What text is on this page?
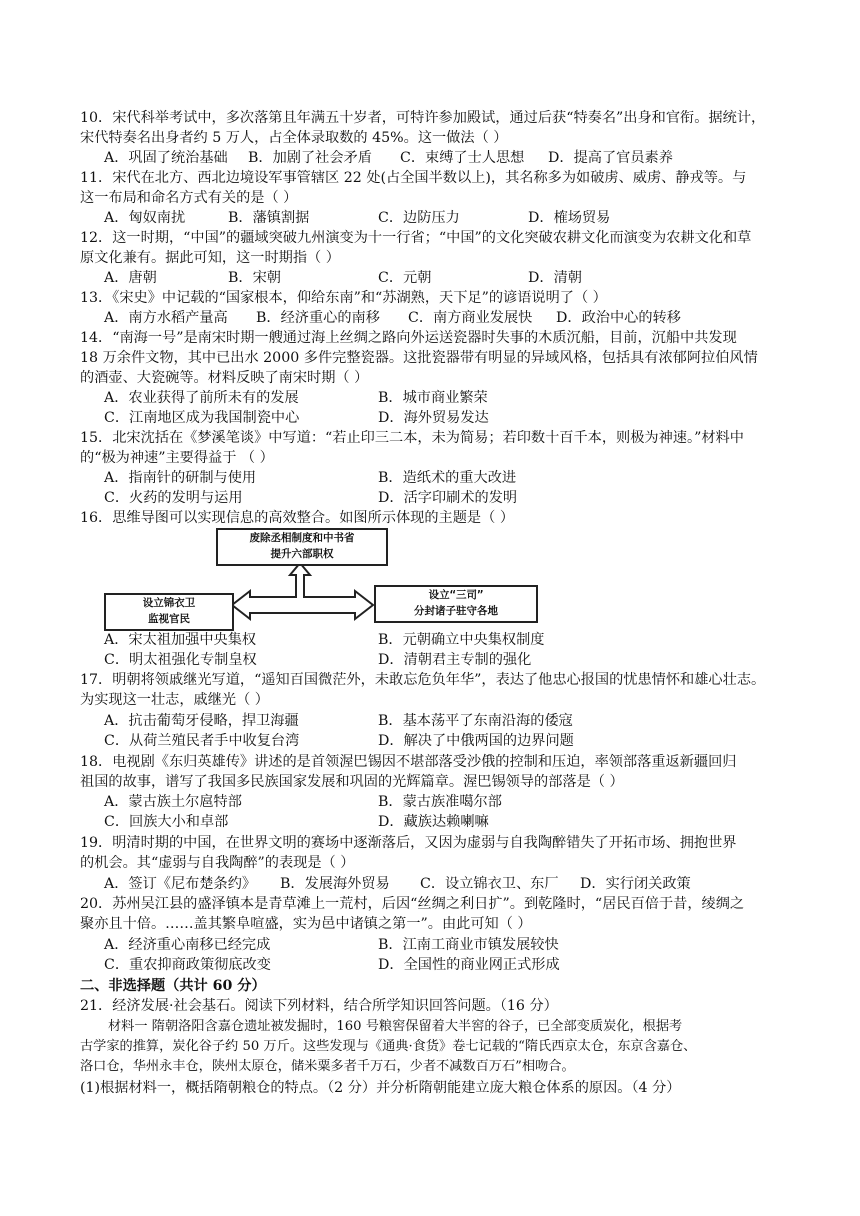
10．宋代科举考试中，多次落第且年满五十岁者，可特许参加殿试，通过后获“特奏名”出身和官衔。据统计，
宋代特奏名出身者约 5 万人，占全体录取数的 45%。这一做法（ ）
A．巩固了统治基础 B．加剧了社会矛盾 C．束缚了士人思想 D．提高了官员素养
11．宋代在北方、西北边境设军事管辖区 22 处(占全国半数以上)，其名称多为如破虏、威虏、静戎等。与
这一布局和命名方式有关的是（ ）
A．匈奴南扰	B．藩镇割据	C．边防压力	D．榷场贸易
12．这一时期，“中国”的疆域突破九州演变为十一行省；“中国”的文化突破农耕文化而演变为农耕文化和草
原文化兼有。据此可知，这一时期指（ ）
A．唐朝	B．宋朝	C．元朝	D．清朝
13．《宋史》中记载的“国家根本，仰给东南”和“苏湖熟，天下足”的谚语说明了（ ）
A．南方水稻产量高 B．经济重心的南移 C．南方商业发展快 D．政治中心的转移
14．“南海一号”是南宋时期一艘通过海上丝绸之路向外运送瓷器时失事的木质沉船，目前，沉船中共发现
18 万余件文物，其中已出水 2000 多件完整瓷器。这批瓷器带有明显的异域风格，包括具有浓郁阿拉伯风情
的酒壶、大瓷碗等。材料反映了南宋时期（ ）
A．农业获得了前所未有的发展	B．城市商业繁荣
C．江南地区成为我国制瓷中心	D．海外贸易发达
15．北宋沈括在《梦溪笔谈》中写道：“若止印三二本，未为简易；若印数十百千本，则极为神速。”材料中
的“极为神速”主要得益于 （ ）
A．指南针的研制与使用	B．造纸术的重大改进
C．火药的发明与运用	D．活字印刷术的发明
16．思维导图可以实现信息的高效整合。如图所示体现的主题是（ ）
废除丞相制度和中书省
提升六部职权
设立锦衣卫
监视官民
设立“三司”
分封诸子驻守各地
A．宋太祖加强中央集权	B．元朝确立中央集权制度
C．明太祖强化专制皇权	D．清朝君主专制的强化
17．明朝将领戚继光写道，“遥知百国微茫外，未敢忘危负年华”，表达了他忠心报国的忧患情怀和雄心壮志。
为实现这一壮志，戚继光（ ）
A．抗击葡萄牙侵略，捍卫海疆	B．基本荡平了东南沿海的倭寇
C．从荷兰殖民者手中收复台湾	D．解决了中俄两国的边界问题
18．电视剧《东归英雄传》讲述的是首领渥巴锡因不堪部落受沙俄的控制和压迫，率领部落重返新疆回归
祖国的故事，谱写了我国多民族国家发展和巩固的光辉篇章。渥巴锡领导的部落是（ ）
A．蒙古族土尔扈特部	B．蒙古族准噶尔部
C．回族大小和卓部	D．藏族达赖喇嘛
19．明清时期的中国，在世界文明的赛场中逐渐落后，又因为虚弱与自我陶醉错失了开拓市场、拥抱世界
的机会。其“虚弱与自我陶醉”的表现是（ ）
A．签订《尼布楚条约》 B．发展海外贸易 C．设立锦衣卫、东厂 D．实行闭关政策
20．苏州吴江县的盛泽镇本是青草滩上一荒村，后因“丝绸之利日扩”。到乾隆时，“居民百倍于昔，绫绸之
聚亦且十倍。……盖其繁阜喧盛，实为邑中诸镇之第一”。由此可知（ ）
A．经济重心南移已经完成	B．江南工商业市镇发展较快
C．重农抑商政策彻底改变	D．全国性的商业网正式形成
二、非选择题（共计 60 分）
21．经济发展·社会基石。阅读下列材料，结合所学知识回答问题。（16 分）
材料一 隋朝洛阳含嘉仓遗址被发掘时，160 号粮窖保留着大半窖的谷子，已全部变质炭化，根据考
古学家的推算，炭化谷子约 50 万斤。这些发现与《通典·食货》卷七记载的“隋氏西京太仓，东京含嘉仓、
洛口仓，华州永丰仓，陕州太原仓，储米粟多者千万石，少者不减数百万石”相吻合。
(1)根据材料一，概括隋朝粮仓的特点。（2 分）并分析隋朝能建立庞大粮仓体系的原因。（4 分）
